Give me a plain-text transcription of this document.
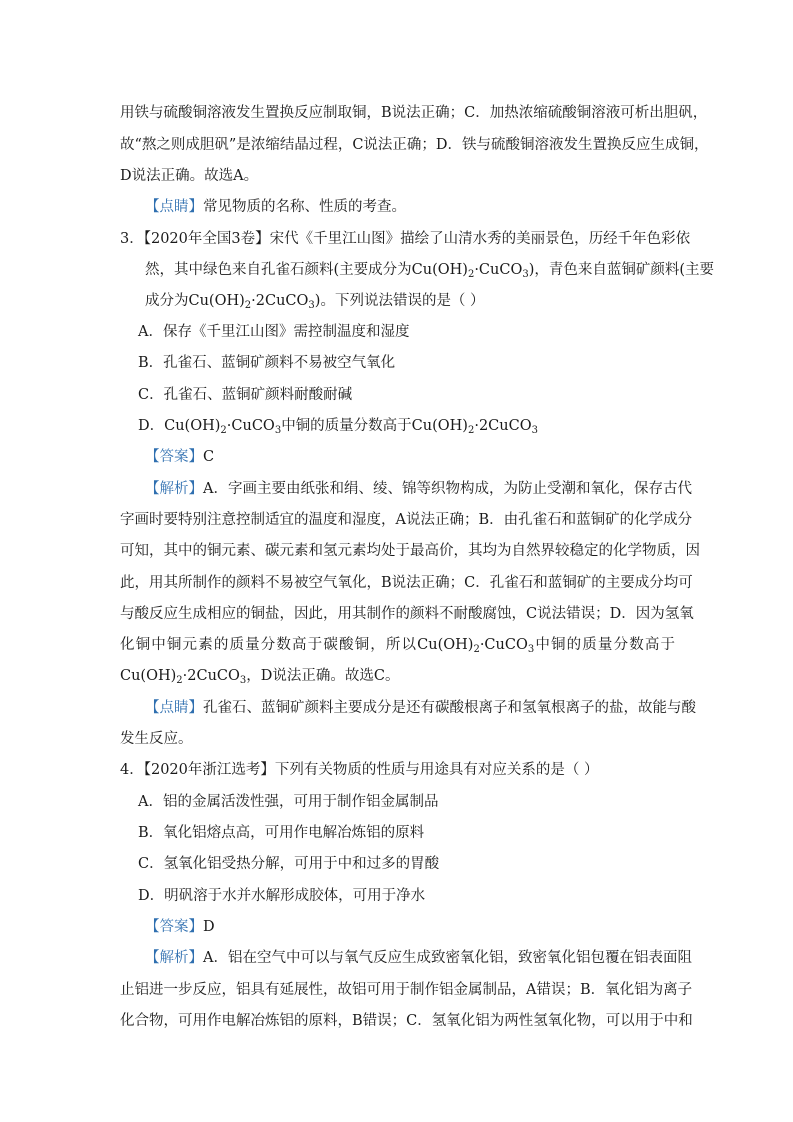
用铁与硫酸铜溶液发生置换反应制取铜，B说法正确；C．加热浓缩硫酸铜溶液可析出胆矾，
故“熬之则成胆矾”是浓缩结晶过程，C说法正确；D．铁与硫酸铜溶液发生置换反应生成铜，
D说法正确。故选A。
【点睛】常见物质的名称、性质的考查。
3．【2020年全国3卷】宋代《千里江山图》描绘了山清水秀的美丽景色，历经千年色彩依
然，其中绿色来自孔雀石颜料(主要成分为$Cu(OH)_2\cdot CuCO_3$)，青色来自蓝铜矿颜料(主要
成分为$Cu(OH)_2\cdot 2CuCO_3$)。下列说法错误的是（ ）
A．保存《千里江山图》需控制温度和湿度
B．孔雀石、蓝铜矿颜料不易被空气氧化
C．孔雀石、蓝铜矿颜料耐酸耐碱
D．$Cu(OH)_2\cdot CuCO_3$中铜的质量分数高于$Cu(OH)_2\cdot 2CuCO_3$
【答案】C
【解析】A．字画主要由纸张和绢、绫、锦等织物构成，为防止受潮和氧化，保存古代
字画时要特别注意控制适宜的温度和湿度，A说法正确；B．由孔雀石和蓝铜矿的化学成分
可知，其中的铜元素、碳元素和氢元素均处于最高价，其均为自然界较稳定的化学物质，因
此，用其所制作的颜料不易被空气氧化，B说法正确；C．孔雀石和蓝铜矿的主要成分均可
与酸反应生成相应的铜盐，因此，用其制作的颜料不耐酸腐蚀，C说法错误；D．因为氢氧
化铜中铜元素的质量分数高于碳酸铜，所以$Cu(OH)_2\cdot CuCO_3$中铜的质量分数高于
$Cu(OH)_2\cdot 2CuCO_3$，D说法正确。故选C。
【点睛】孔雀石、蓝铜矿颜料主要成分是还有碳酸根离子和氢氧根离子的盐，故能与酸
发生反应。
4．【2020年浙江选考】下列有关物质的性质与用途具有对应关系的是（ ）
A．铝的金属活泼性强，可用于制作铝金属制品
B．氧化铝熔点高，可用作电解冶炼铝的原料
C．氢氧化铝受热分解，可用于中和过多的胃酸
D．明矾溶于水并水解形成胶体，可用于净水
【答案】D
【解析】A．铝在空气中可以与氧气反应生成致密氧化铝，致密氧化铝包覆在铝表面阻
止铝进一步反应，铝具有延展性，故铝可用于制作铝金属制品，A错误；B．氧化铝为离子
化合物，可用作电解冶炼铝的原料，B错误；C．氢氧化铝为两性氢氧化物，可以用于中和
